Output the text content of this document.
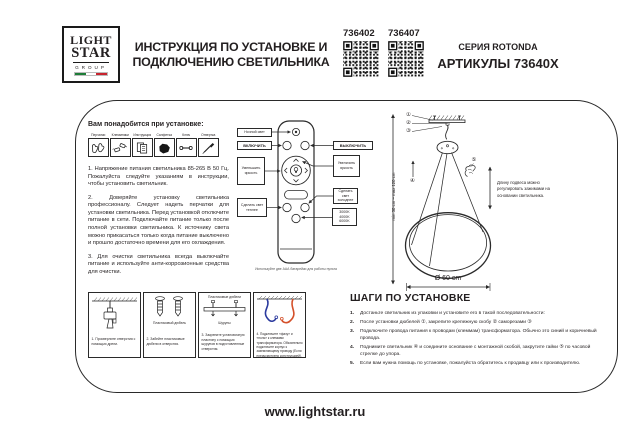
LIGHT
STAR
GROUP
ИНСТРУКЦИЯ ПО УСТАНОВКЕ И
ПОДКЛЮЧЕНИЮ СВЕТИЛЬНИКА
736402 736407
СЕРИЯ ROTONDA
АРТИКУЛЫ 73640X
Вам понадобится при установке:
Перчатки	Клеммники	Инструкция	Салфетка	Ключ	Отвертка

1. Напряжение питания светильника 85-265 В 50 Гц. Пожалуйста следуйте указаниям в инструкции, чтобы установить светильник.

2. Доверяйте установку светильника профессионалу. Следует надеть перчатки для установки светильника. Перед установкой отключите питание в сети. Подключайте питание только после полной установки светильника. К источнику света можно прикасаться только когда питание выключено и прошло достаточно времени для его охлаждения.

3. Для очистки светильника всегда выключайте питание и используйте анти-коррозионные средства для очистки.

Ночной свет
ВКЛЮЧИТЬ
Уменьшить яркость
Сделать свет теплее
ВЫКЛЮЧИТЬ
Увеличить яркость
Сделать свет холоднее
3000K 4000K 6000K
Используйте две ААА батарейки для работы пульта
①
②
③
④
⑤
min 30 cm – max 120 cm	Длину подвеса можно регулировать зажимами на основании светильника.
Ø 60 cm
1. Просверлите отверстия с помощью дрели.
Пластиковый дюбель
2. Забейте пластиковые дюбели в отверстия.
Пластиковые дюбели
Шурупы
3. Закрепите установочную пластину с помощью шурупов в подготовленные отверстия.
4. Подключите «фазу» и «ноль» к клеммам трансформатора. Обязательно подключите корпус к заземляющему проводу (Если предусмотрено конструкцией).
ШАГИ ПО УСТАНОВКЕ
1.	Достаньте светильник из упаковки и установите его в такой последовательности:
2.	После установки дюбелей ①, закрепите крепежную скобу ② саморезами ③
3.	Подключите провода питания к проводам (клеммам) трансформатора. Обычно это синий и коричневый провода.
4.	Поднимите светильник ④ и соедините основание с монтажной скобой, закрутите гайки ⑤ по часовой стрелке до упора.
5.	Если вам нужна помощь по установке, пожалуйста обратитесь к продавцу или к производителю.
www.lightstar.ru
